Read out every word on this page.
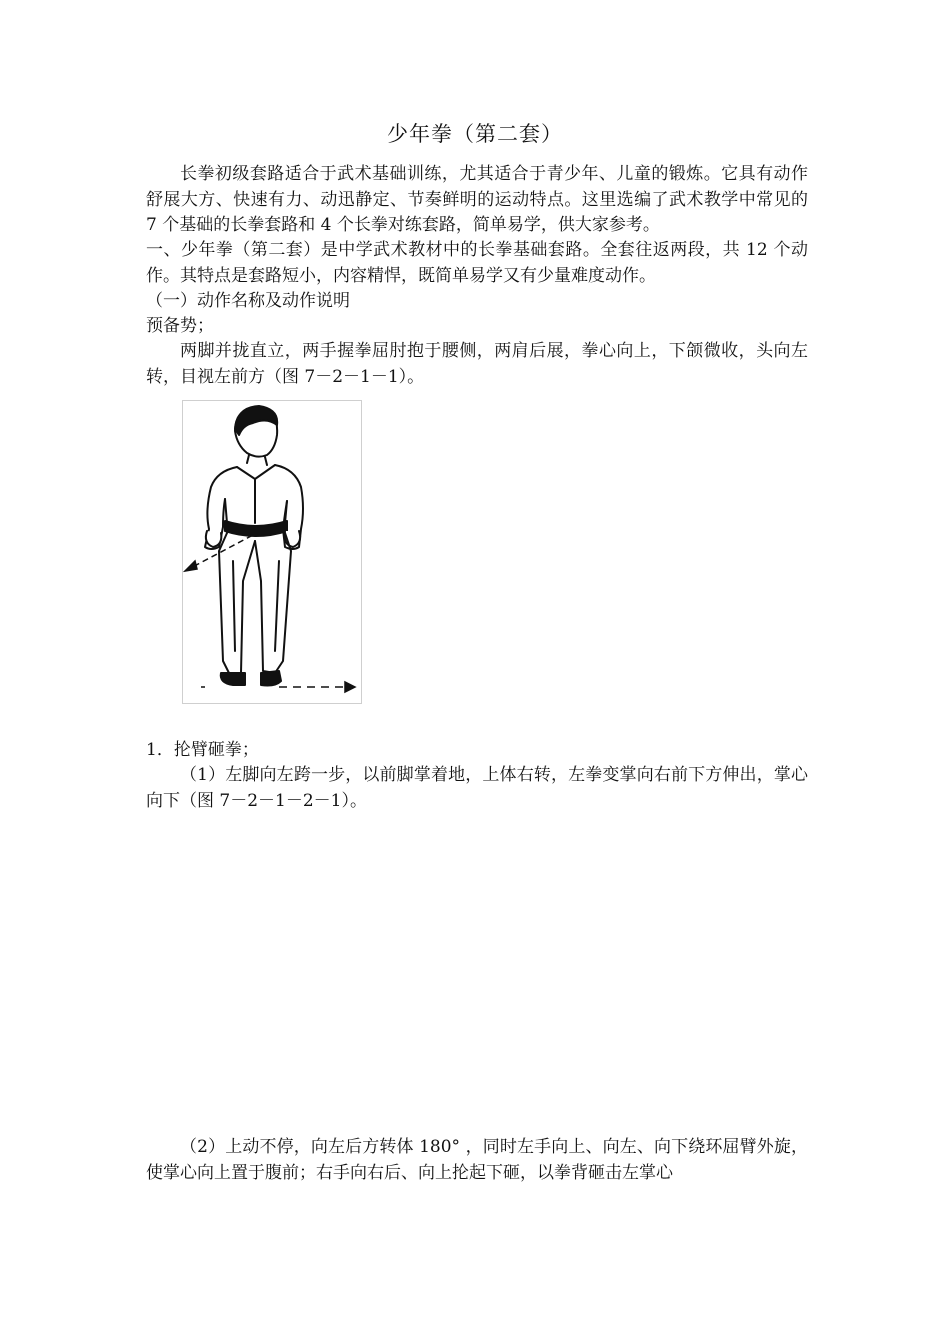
少年拳（第二套）
长拳初级套路适合于武术基础训练，尤其适合于青少年、儿童的锻炼。它具有动作舒展大方、快速有力、动迅静定、节奏鲜明的运动特点。这里选编了武术教学中常见的 7 个基础的长拳套路和 4 个长拳对练套路，简单易学，供大家参考。
一、少年拳（第二套）是中学武术教材中的长拳基础套路。全套往返两段，共 12 个动作。其特点是套路短小，内容精悍，既简单易学又有少量难度动作。
（一）动作名称及动作说明
预备势；
两脚并拢直立，两手握拳屈肘抱于腰侧，两肩后展，拳心向上，下颌微收，头向左转，目视左前方（图 7－2－1－1）。
1．抡臂砸拳；
（1）左脚向左跨一步，以前脚掌着地，上体右转，左拳变掌向右前下方伸出，掌心向下（图 7－2－1－2－1）。
（2）上动不停，向左后方转体 180° ，同时左手向上、向左、向下绕环屈臂外旋，使掌心向上置于腹前；右手向右后、向上抡起下砸，以拳背砸击左掌心
